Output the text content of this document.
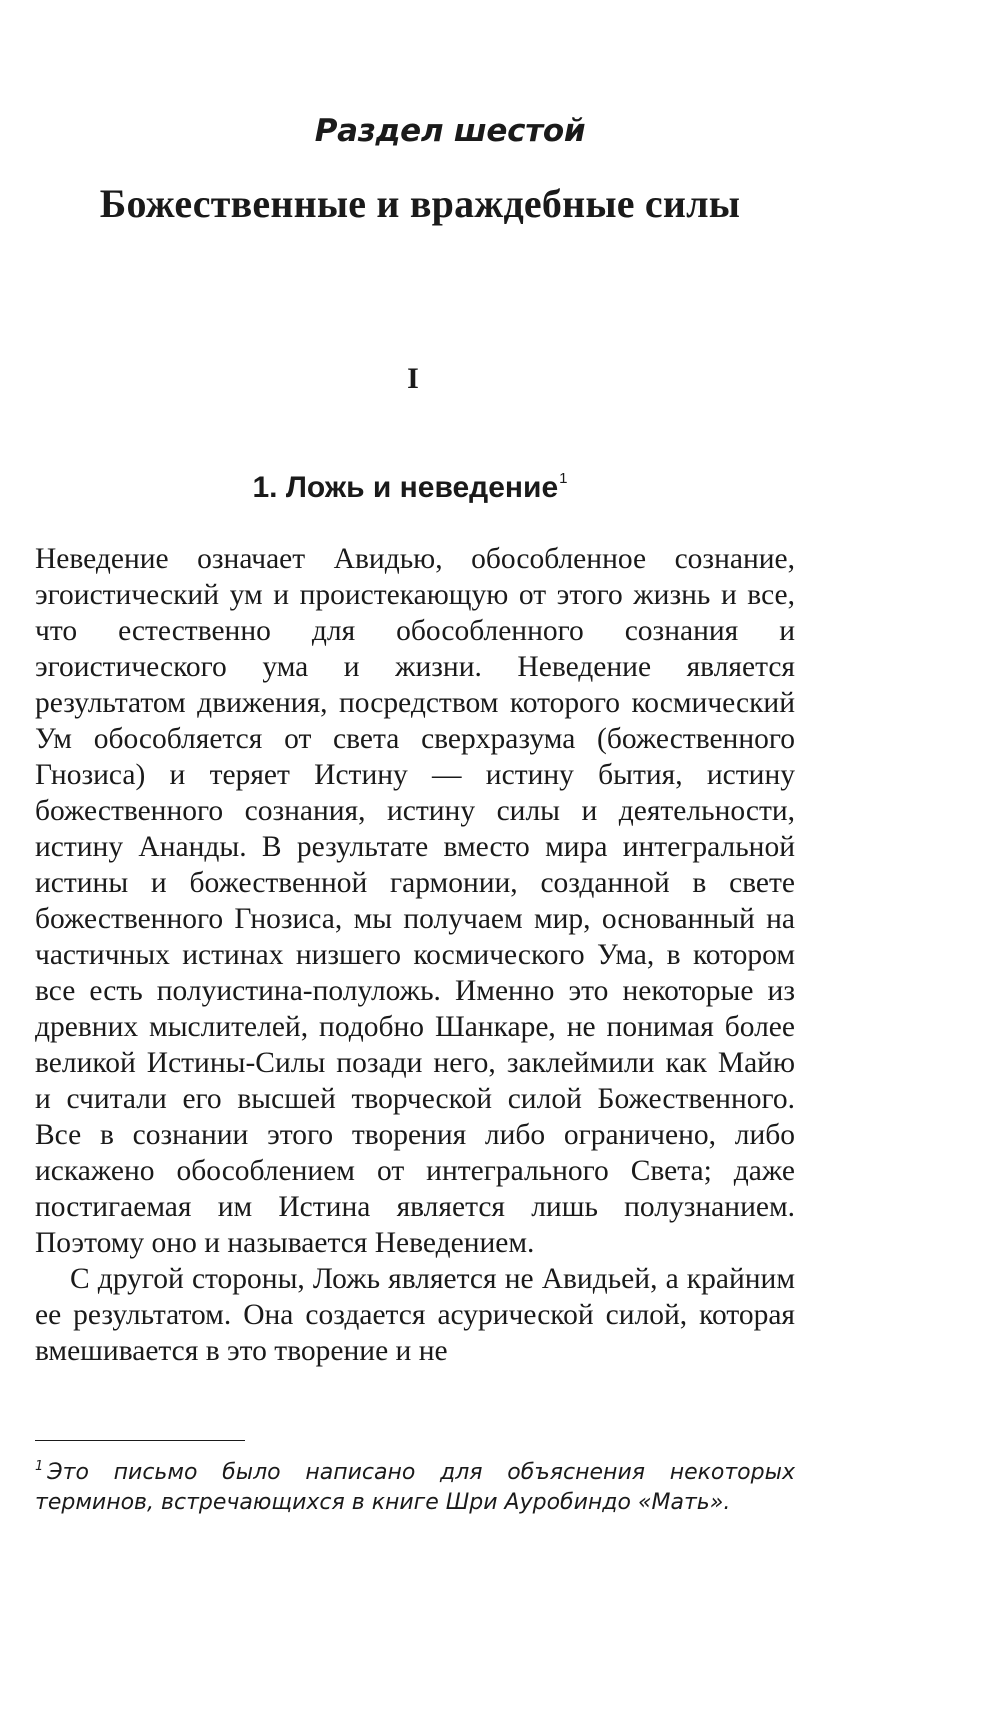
Раздел шестой
Божественные и враждебные силы
I
1. Ложь и неведение$^1$

Неведение означает Авидью, обособленное сознание, эгоистический ум и проистекающую от этого жизнь и все, что естественно для обособленного сознания и эгоистического ума и жизни. Неведение является результатом движения, посредством которого космический Ум обособляется от света сверхразума (божественного Гнозиса) и теряет Истину — истину бытия, истину божественного сознания, истину силы и деятельности, истину Ананды. В результате вместо мира интегральной истины и божественной гармонии, созданной в свете божественного Гнозиса, мы получаем мир, основанный на частичных истинах низшего космического Ума, в котором все есть полуистина-полуложь. Именно это некоторые из древних мыслителей, подобно Шанкаре, не понимая более великой Истины-Силы позади него, заклеймили как Майю и считали его высшей творческой силой Божественного. Все в сознании этого творения либо ограничено, либо искажено обособлением от интегрального Света; даже постигаемая им Истина является лишь полузнанием. Поэтому оно и называется Неведением.

С другой стороны, Ложь является не Авидьей, а крайним ее результатом. Она создается асурической силой, которая вмешивается в это творение и не

$^1$ Это письмо было написано для объяснения некоторых терминов, встречающихся в книге Шри Ауробиндо «Мать».
